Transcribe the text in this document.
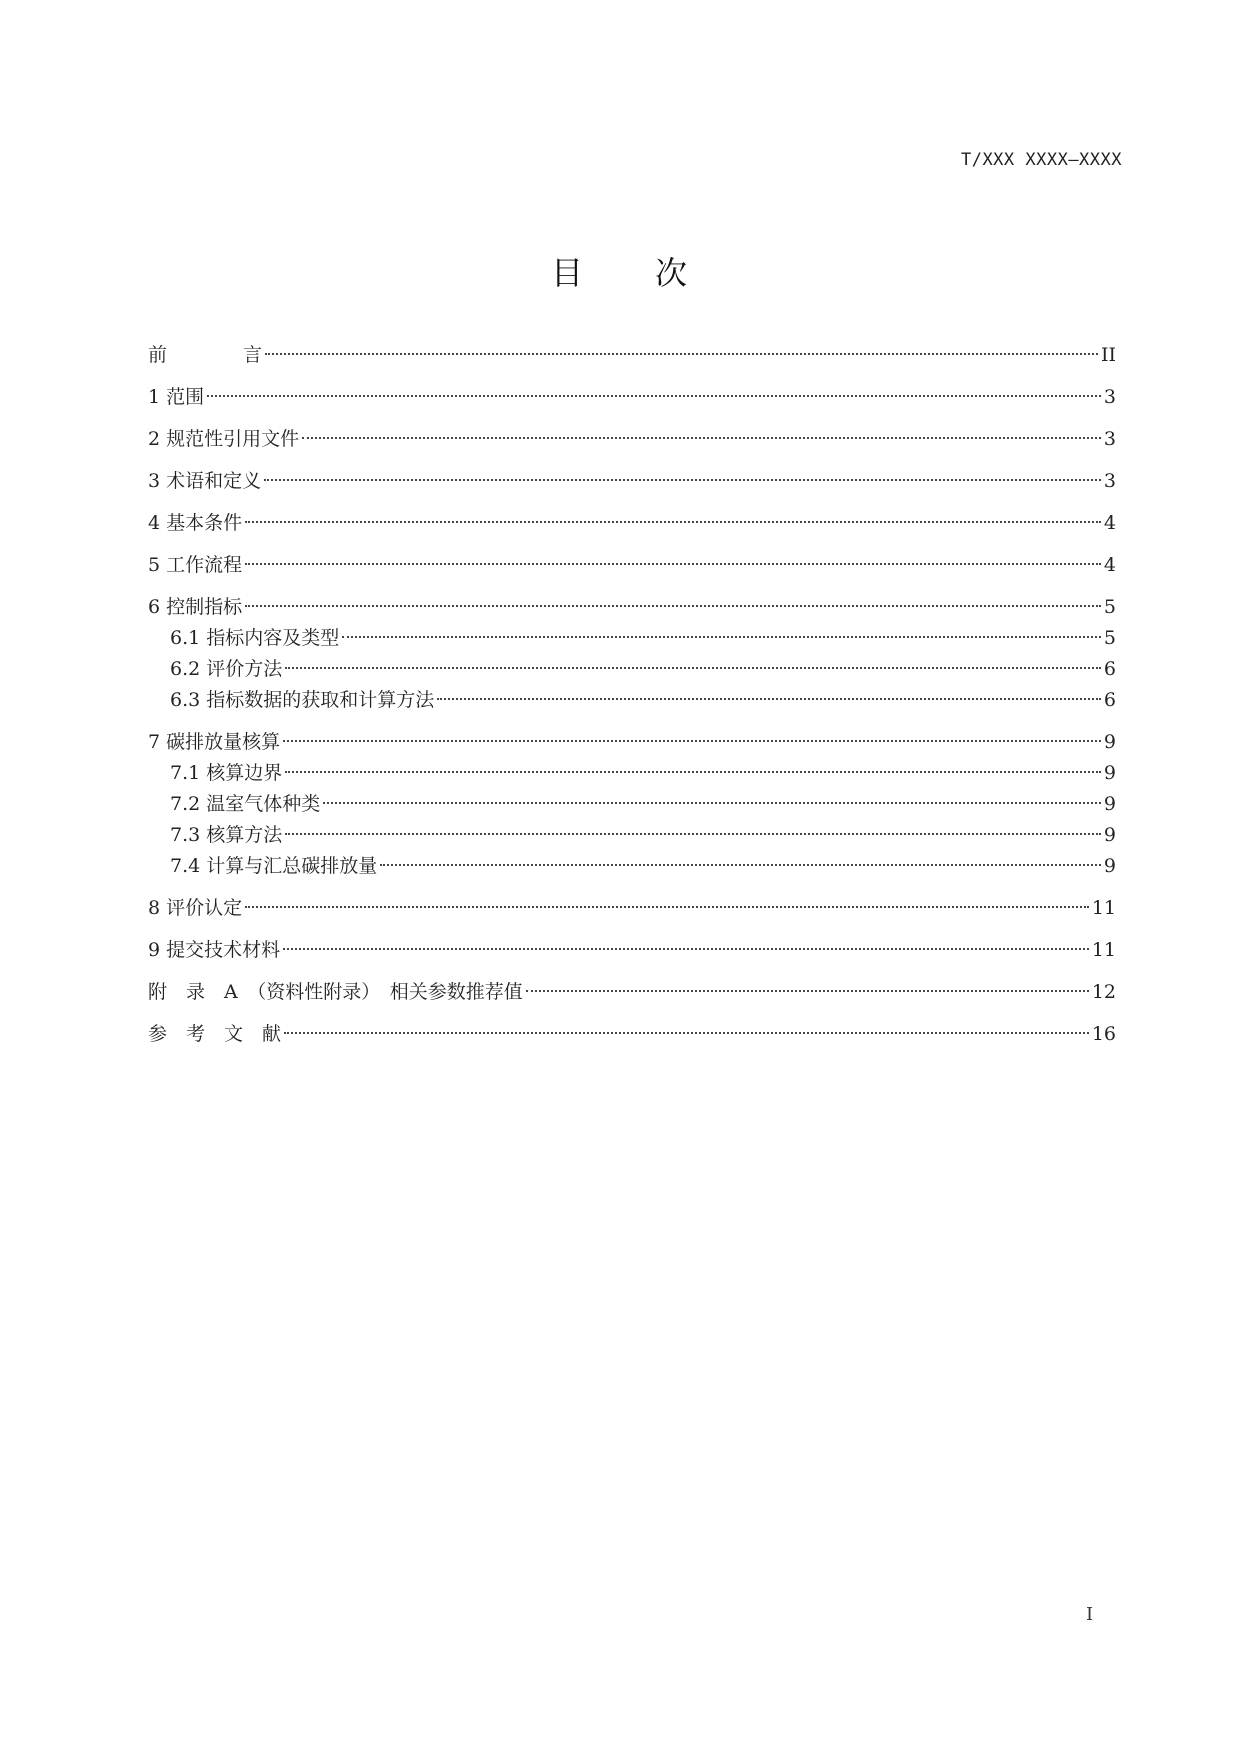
T/XXX XXXX—XXXX
目 次
前　　　　言	II
1 范围	3
2 规范性引用文件	3
3 术语和定义	3
4 基本条件	4
5 工作流程	4
6 控制指标	5
6.1 指标内容及类型	5
6.2 评价方法	6
6.3 指标数据的获取和计算方法	6
7 碳排放量核算	9
7.1 核算边界	9
7.2 温室气体种类	9
7.3 核算方法	9
7.4 计算与汇总碳排放量	9
8 评价认定	11
9 提交技术材料	11
附　录　A　（资料性附录）　相关参数推荐值	12
参　考　文　献	16
I
